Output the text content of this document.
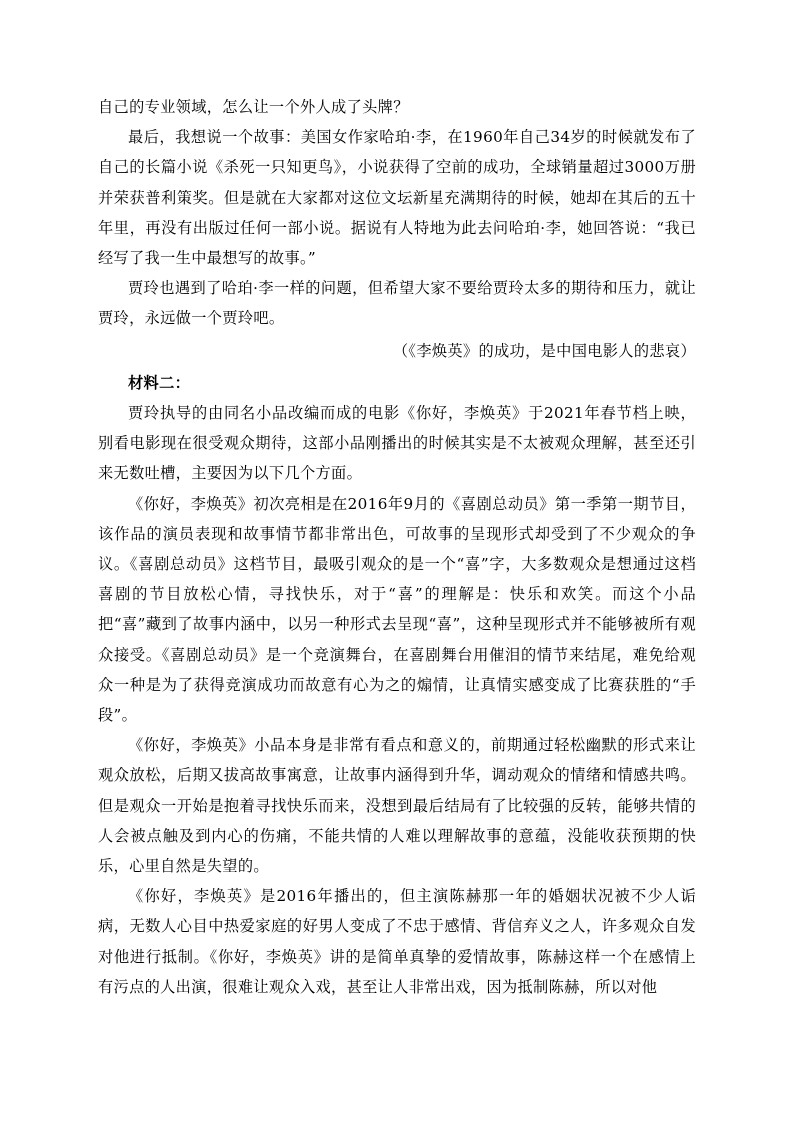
自己的专业领域，怎么让一个外人成了头牌？

最后，我想说一个故事：美国女作家哈珀·李，在1960年自己34岁的时候就发布了自己的长篇小说《杀死一只知更鸟》，小说获得了空前的成功，全球销量超过3000万册并荣获普利策奖。但是就在大家都对这位文坛新星充满期待的时候，她却在其后的五十年里，再没有出版过任何一部小说。据说有人特地为此去问哈珀·李，她回答说：“我已经写了我一生中最想写的故事。”

贾玲也遇到了哈珀·李一样的问题，但希望大家不要给贾玲太多的期待和压力，就让贾玲，永远做一个贾玲吧。

（《李焕英》的成功，是中国电影人的悲哀）

材料二：

贾玲执导的由同名小品改编而成的电影《你好，李焕英》于2021年春节档上映，别看电影现在很受观众期待，这部小品刚播出的时候其实是不太被观众理解，甚至还引来无数吐槽，主要因为以下几个方面。

《你好，李焕英》初次亮相是在2016年9月的《喜剧总动员》第一季第一期节目，该作品的演员表现和故事情节都非常出色，可故事的呈现形式却受到了不少观众的争议。《喜剧总动员》这档节目，最吸引观众的是一个“喜”字，大多数观众是想通过这档喜剧的节目放松心情，寻找快乐，对于“喜”的理解是：快乐和欢笑。而这个小品把“喜”藏到了故事内涵中，以另一种形式去呈现“喜”，这种呈现形式并不能够被所有观众接受。《喜剧总动员》是一个竞演舞台，在喜剧舞台用催泪的情节来结尾，难免给观众一种是为了获得竞演成功而故意有心为之的煽情，让真情实感变成了比赛获胜的“手段”。

《你好，李焕英》小品本身是非常有看点和意义的，前期通过轻松幽默的形式来让观众放松，后期又拔高故事寓意，让故事内涵得到升华，调动观众的情绪和情感共鸣。但是观众一开始是抱着寻找快乐而来，没想到最后结局有了比较强的反转，能够共情的人会被点触及到内心的伤痛，不能共情的人难以理解故事的意蕴，没能收获预期的快乐，心里自然是失望的。

《你好，李焕英》是2016年播出的，但主演陈赫那一年的婚姻状况被不少人诟病，无数人心目中热爱家庭的好男人变成了不忠于感情、背信弃义之人，许多观众自发对他进行抵制。《你好，李焕英》讲的是简单真挚的爱情故事，陈赫这样一个在感情上有污点的人出演，很难让观众入戏，甚至让人非常出戏，因为抵制陈赫，所以对他
